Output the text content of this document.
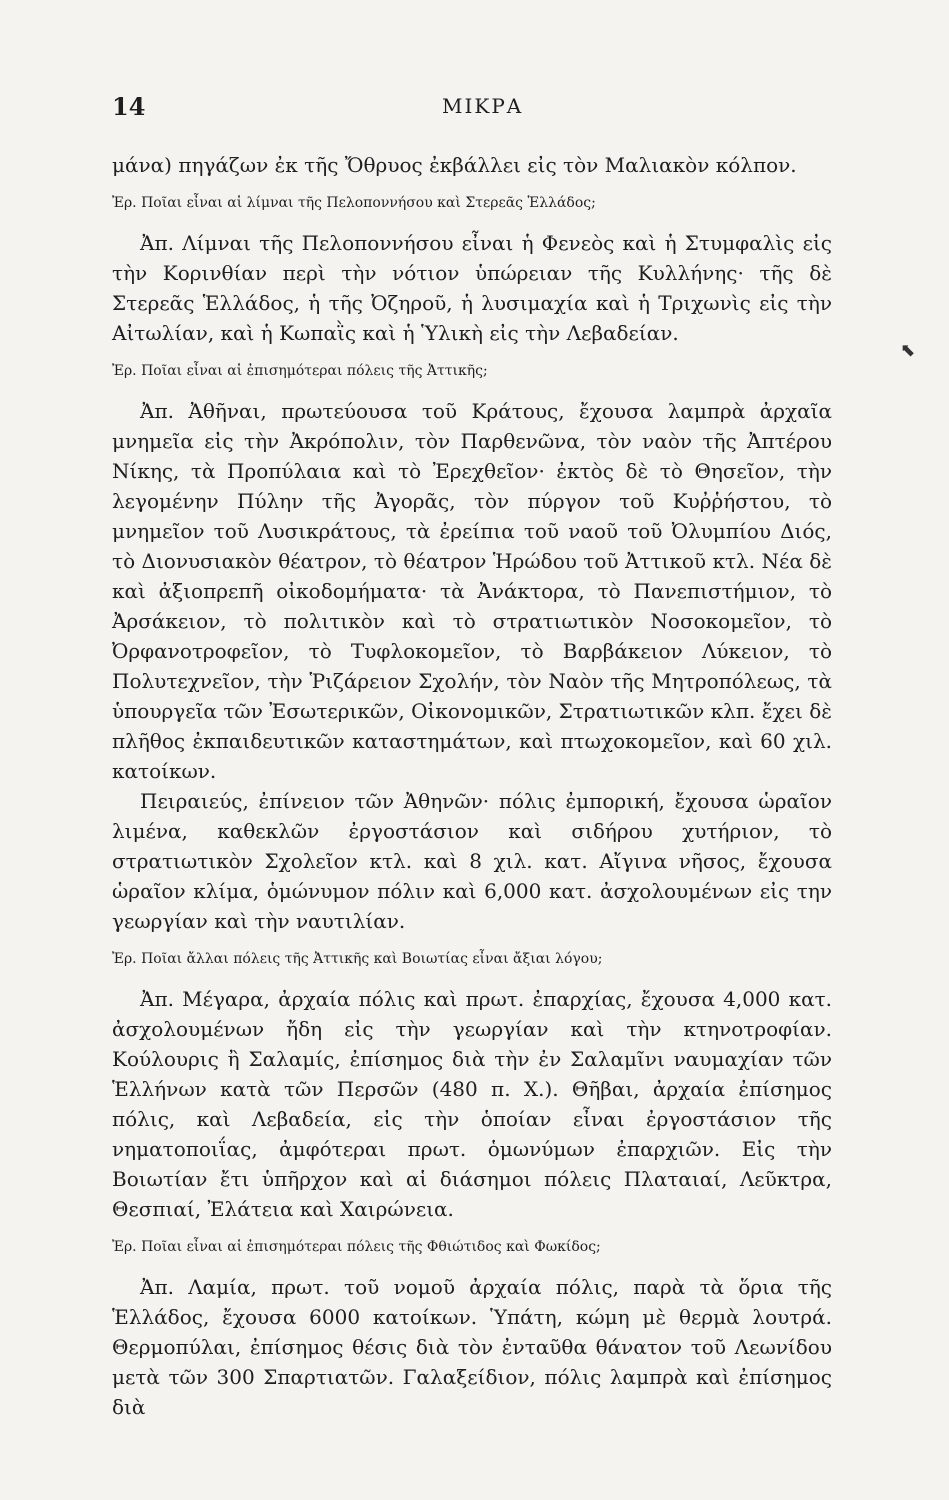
14	ΜΙΚΡΑ

μάνα) πηγάζων ἐκ τῆς Ὄθρυος ἐκβάλλει εἰς τὸν Μαλιακὸν κόλπον.

Ἐρ. Ποῖαι εἶναι αἱ λίμναι τῆς Πελοποννήσου καὶ Στερεᾶς Ἑλλάδος;

Ἀπ. Λίμναι τῆς Πελοποννήσου εἶναι ἡ Φενεὸς καὶ ἡ Στυμφαλὶς εἰς τὴν Κορινθίαν περὶ τὴν νότιον ὑπώρειαν τῆς Κυλλήνης· τῆς δὲ Στερεᾶς Ἑλλάδος, ἡ τῆς Ὀζηροῦ, ἡ λυσιμαχία καὶ ἡ Τριχωνὶς εἰς τὴν Αἰτωλίαν, καὶ ἡ Κωπαῒς καὶ ἡ Ὑλικὴ εἰς τὴν Λεβαδείαν.

Ἐρ. Ποῖαι εἶναι αἱ ἐπισημότεραι πόλεις τῆς Ἀττικῆς;

Ἀπ. Ἀθῆναι, πρωτεύουσα τοῦ Κράτους, ἔχουσα λαμπρὰ ἀρχαῖα μνημεῖα εἰς τὴν Ἀκρόπολιν, τὸν Παρθενῶνα, τὸν ναὸν τῆς Ἀπτέρου Νίκης, τὰ Προπύλαια καὶ τὸ Ἐρεχθεῖον· ἐκτὸς δὲ τὸ Θησεῖον, τὴν λεγομένην Πύλην τῆς Ἀγορᾶς, τὸν πύργον τοῦ Κυῤῥήστου, τὸ μνημεῖον τοῦ Λυσικράτους, τὰ ἐρείπια τοῦ ναοῦ τοῦ Ὀλυμπίου Διός, τὸ Διονυσιακὸν θέατρον, τὸ θέατρον Ἡρώδου τοῦ Ἀττικοῦ κτλ. Νέα δὲ καὶ ἀξιοπρεπῆ οἰκοδομήματα· τὰ Ἀνάκτορα, τὸ Πανεπιστήμιον, τὸ Ἀρσάκειον, τὸ πολιτικὸν καὶ τὸ στρατιωτικὸν Νοσοκομεῖον, τὸ Ὀρφανοτροφεῖον, τὸ Τυφλοκομεῖον, τὸ Βαρβάκειον Λύκειον, τὸ Πολυτεχνεῖον, τὴν Ῥιζάρειον Σχολήν, τὸν Ναὸν τῆς Μητροπόλεως, τὰ ὑπουργεῖα τῶν Ἐσωτερικῶν, Οἰκονομικῶν, Στρατιωτικῶν κλπ. ἔχει δὲ πλῆθος ἐκπαιδευτικῶν καταστημάτων, καὶ πτωχοκομεῖον, καὶ 60 χιλ. κατοίκων.

Πειραιεύς, ἐπίνειον τῶν Ἀθηνῶν· πόλις ἐμπορική, ἔχουσα ὡραῖον λιμένα, καθεκλῶν ἐργοστάσιον καὶ σιδήρου χυτήριον, τὸ στρατιωτικὸν Σχολεῖον κτλ. καὶ 8 χιλ. κατ. Αἴγινα νῆσος, ἔχουσα ὡραῖον κλίμα, ὁμώνυμον πόλιν καὶ 6,000 κατ. ἀσχολουμένων εἰς την γεωργίαν καὶ τὴν ναυτιλίαν.

Ἐρ. Ποῖαι ἄλλαι πόλεις τῆς Ἀττικῆς καὶ Βοιωτίας εἶναι ἄξιαι λόγου;

Ἀπ. Μέγαρα, ἀρχαία πόλις καὶ πρωτ. ἐπαρχίας, ἔχουσα 4,000 κατ. ἀσχολουμένων ἤδη εἰς τὴν γεωργίαν καὶ τὴν κτηνοτροφίαν. Κούλουρις ἢ Σαλαμίς, ἐπίσημος διὰ τὴν ἐν Σαλαμῖνι ναυμαχίαν τῶν Ἑλλήνων κατὰ τῶν Περσῶν (480 π. Χ.). Θῆβαι, ἀρχαία ἐπίσημος πόλις, καὶ Λεβαδεία, εἰς τὴν ὁποίαν εἶναι ἐργοστάσιον τῆς νηματοποιΐας, ἀμφότεραι πρωτ. ὁμωνύμων ἐπαρχιῶν. Εἰς τὴν Βοιωτίαν ἔτι ὑπῆρχον καὶ αἱ διάσημοι πόλεις Πλαταιαί, Λεῦκτρα, Θεσπιαί, Ἐλάτεια καὶ Χαιρώνεια.

Ἐρ. Ποῖαι εἶναι αἱ ἐπισημότεραι πόλεις τῆς Φθιώτιδος καὶ Φωκίδος;

Ἀπ. Λαμία, πρωτ. τοῦ νομοῦ ἀρχαία πόλις, παρὰ τὰ ὅρια τῆς Ἑλλάδος, ἔχουσα 6000 κατοίκων. Ὑπάτη, κώμη μὲ θερμὰ λουτρά. Θερμοπύλαι, ἐπίσημος θέσις διὰ τὸν ἐνταῦθα θάνατον τοῦ Λεωνίδου μετὰ τῶν 300 Σπαρτιατῶν. Γαλαξείδιον, πόλις λαμπρὰ καὶ ἐπίσημος διὰ

⬉
